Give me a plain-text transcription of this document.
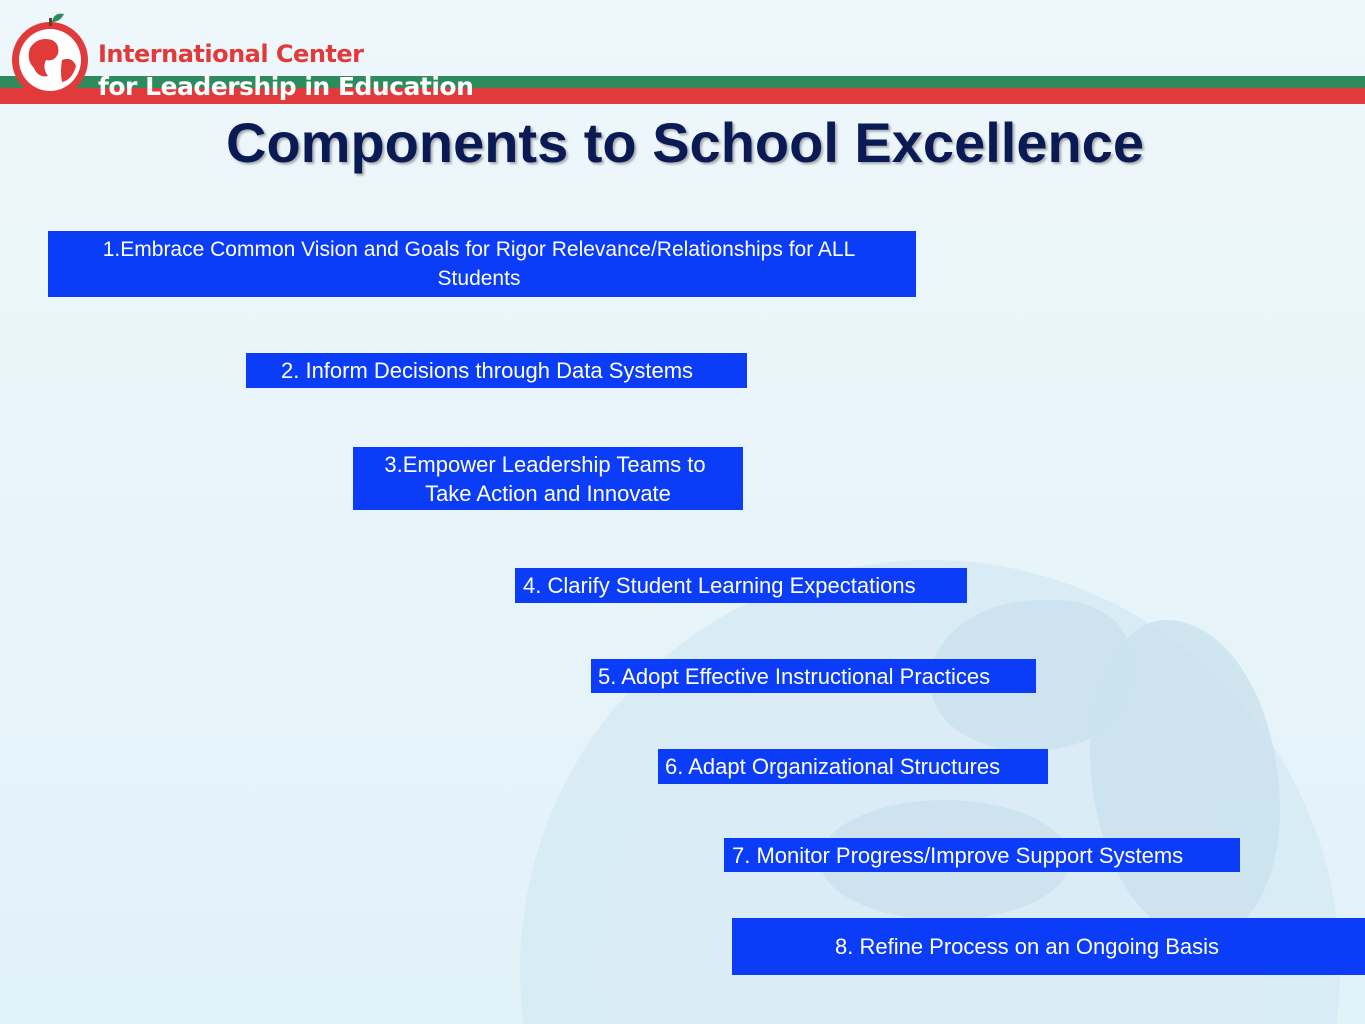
International Center
for Leadership in Education
Components to School Excellence
1.Embrace Common Vision and Goals for Rigor Relevance/Relationships for ALL
Students
2. Inform Decisions through Data Systems
3.Empower Leadership Teams to
Take Action and Innovate
4. Clarify Student Learning Expectations
5. Adopt Effective Instructional Practices
6. Adapt Organizational Structures
7. Monitor Progress/Improve Support Systems
8. Refine Process on an Ongoing Basis
